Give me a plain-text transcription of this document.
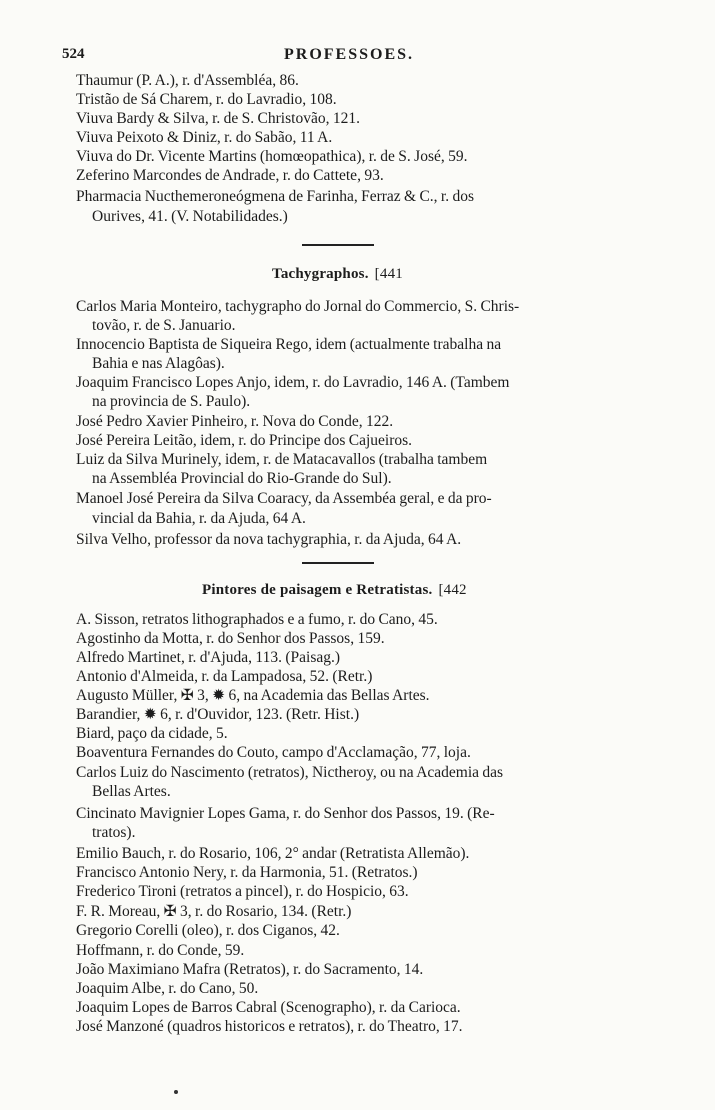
524	PROFESSOES.
Thaumur (P. A.), r. d'Assembléa, 86.
Tristão de Sá Charem, r. do Lavradio, 108.
Viuva Bardy & Silva, r. de S. Christovão, 121.
Viuva Peixoto & Diniz, r. do Sabão, 11 A.
Viuva do Dr. Vicente Martins (homœopathica), r. de S. José, 59.
Zeferino Marcondes de Andrade, r. do Cattete, 93.
Pharmacia Nucthemeroneógmena de Farinha, Ferraz & C., r. dos
Ourives, 41. (V. Notabilidades.)
Tachygraphos. [441
Carlos Maria Monteiro, tachygrapho do Jornal do Commercio, S. Chris-
tovão, r. de S. Januario.
Innocencio Baptista de Siqueira Rego, idem (actualmente trabalha na
Bahia e nas Alagôas).
Joaquim Francisco Lopes Anjo, idem, r. do Lavradio, 146 A. (Tambem
na provincia de S. Paulo).
José Pedro Xavier Pinheiro, r. Nova do Conde, 122.
José Pereira Leitão, idem, r. do Principe dos Cajueiros.
Luiz da Silva Murinely, idem, r. de Matacavallos (trabalha tambem
na Assembléa Provincial do Rio-Grande do Sul).
Manoel José Pereira da Silva Coaracy, da Assembéa geral, e da pro-
vincial da Bahia, r. da Ajuda, 64 A.
Silva Velho, professor da nova tachygraphia, r. da Ajuda, 64 A.
Pintores de paisagem e Retratistas. [442
A. Sisson, retratos lithographados e a fumo, r. do Cano, 45.
Agostinho da Motta, r. do Senhor dos Passos, 159.
Alfredo Martinet, r. d'Ajuda, 113. (Paisag.)
Antonio d'Almeida, r. da Lampadosa, 52. (Retr.)
Augusto Müller, ✠ 3, ✹ 6, na Academia das Bellas Artes.
Barandier, ✹ 6, r. d'Ouvidor, 123. (Retr. Hist.)
Biard, paço da cidade, 5.
Boaventura Fernandes do Couto, campo d'Acclamação, 77, loja.
Carlos Luiz do Nascimento (retratos), Nictheroy, ou na Academia das
Bellas Artes.
Cincinato Mavignier Lopes Gama, r. do Senhor dos Passos, 19. (Re-
tratos).
Emilio Bauch, r. do Rosario, 106, 2° andar (Retratista Allemão).
Francisco Antonio Nery, r. da Harmonia, 51. (Retratos.)
Frederico Tironi (retratos a pincel), r. do Hospicio, 63.
F. R. Moreau, ✠ 3, r. do Rosario, 134. (Retr.)
Gregorio Corelli (oleo), r. dos Ciganos, 42.
Hoffmann, r. do Conde, 59.
João Maximiano Mafra (Retratos), r. do Sacramento, 14.
Joaquim Albe, r. do Cano, 50.
Joaquim Lopes de Barros Cabral (Scenographo), r. da Carioca.
José Manzoné (quadros historicos e retratos), r. do Theatro, 17.
